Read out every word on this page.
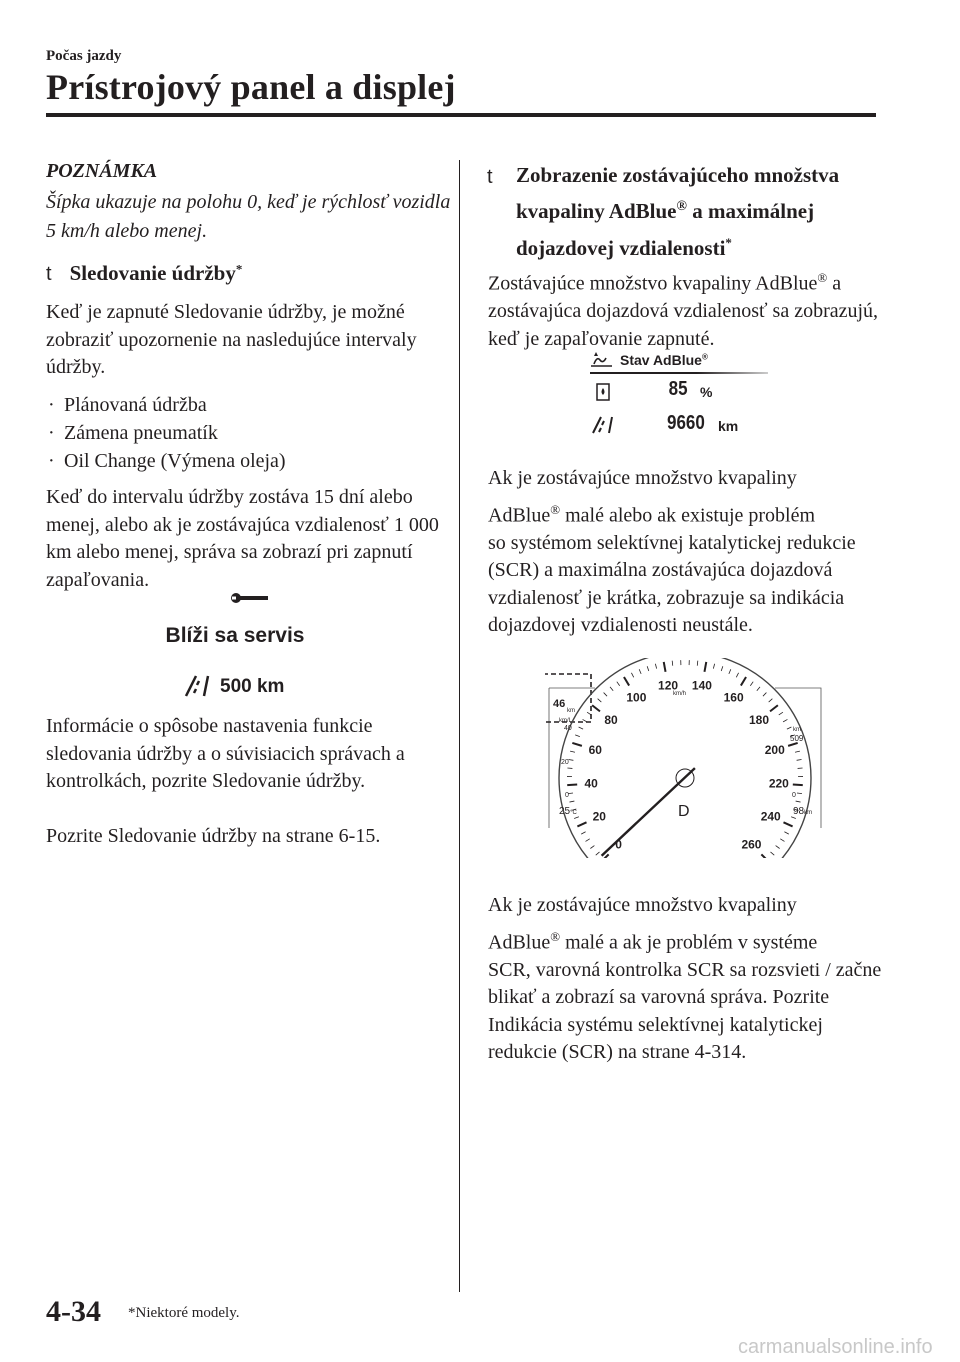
Počas jazdy
Prístrojový panel a displej
POZNÁMKA
Šípka ukazuje na polohu 0, keď je rýchlosť vozidla 5 km/h alebo menej.
t Sledovanie údržby*
Keď je zapnuté Sledovanie údržby, je možné zobraziť upozornenie na nasledujúce intervaly údržby.
· Plánovaná údržba
· Zámena pneumatík
· Oil Change (Výmena oleja)
Keď do intervalu údržby zostáva 15 dní alebo menej, alebo ak je zostávajúca vzdialenosť 1 000 km alebo menej, správa sa zobrazí pri zapnutí zapaľovania.
Blíži sa servis
500 km
Informácie o spôsobe nastavenia funkcie sledovania údržby a o súvisiacich správach a kontrolkách, pozrite Sledovanie údržby.
Pozrite Sledovanie údržby na strane 6-15.
t Zobrazenie zostávajúceho množstva
kvapaliny AdBlue® a maximálnej
dojazdovej vzdialenosti*
Zostávajúce množstvo kvapaliny AdBlue® a zostávajúca dojazdová vzdialenosť sa zobrazujú, keď je zapaľovanie zapnuté.
Stav AdBlue®
85 %
9660 km
Ak je zostávajúce množstvo kvapaliny
AdBlue® malé alebo ak existuje problém
so systémom selektívnej katalytickej redukcie (SCR) a maximálna zostávajúca dojazdová vzdialenosť je krátka, zobrazuje sa indikácia dojazdovej vzdialenosti neustále.
0
20
40
60
80
100
120 140
160
180
200
220
240
260
km/h
D
46
km
km/L
40
20
0
25°C
km
509
0
98km
Ak je zostávajúce množstvo kvapaliny
AdBlue® malé a ak je problém v systéme
SCR, varovná kontrolka SCR sa rozsvieti / začne blikať a zobrazí sa varovná správa. Pozrite Indikácia systému selektívnej katalytickej redukcie (SCR) na strane 4-314.
4-34 *Niektoré modely.
carmanualsonline.info
